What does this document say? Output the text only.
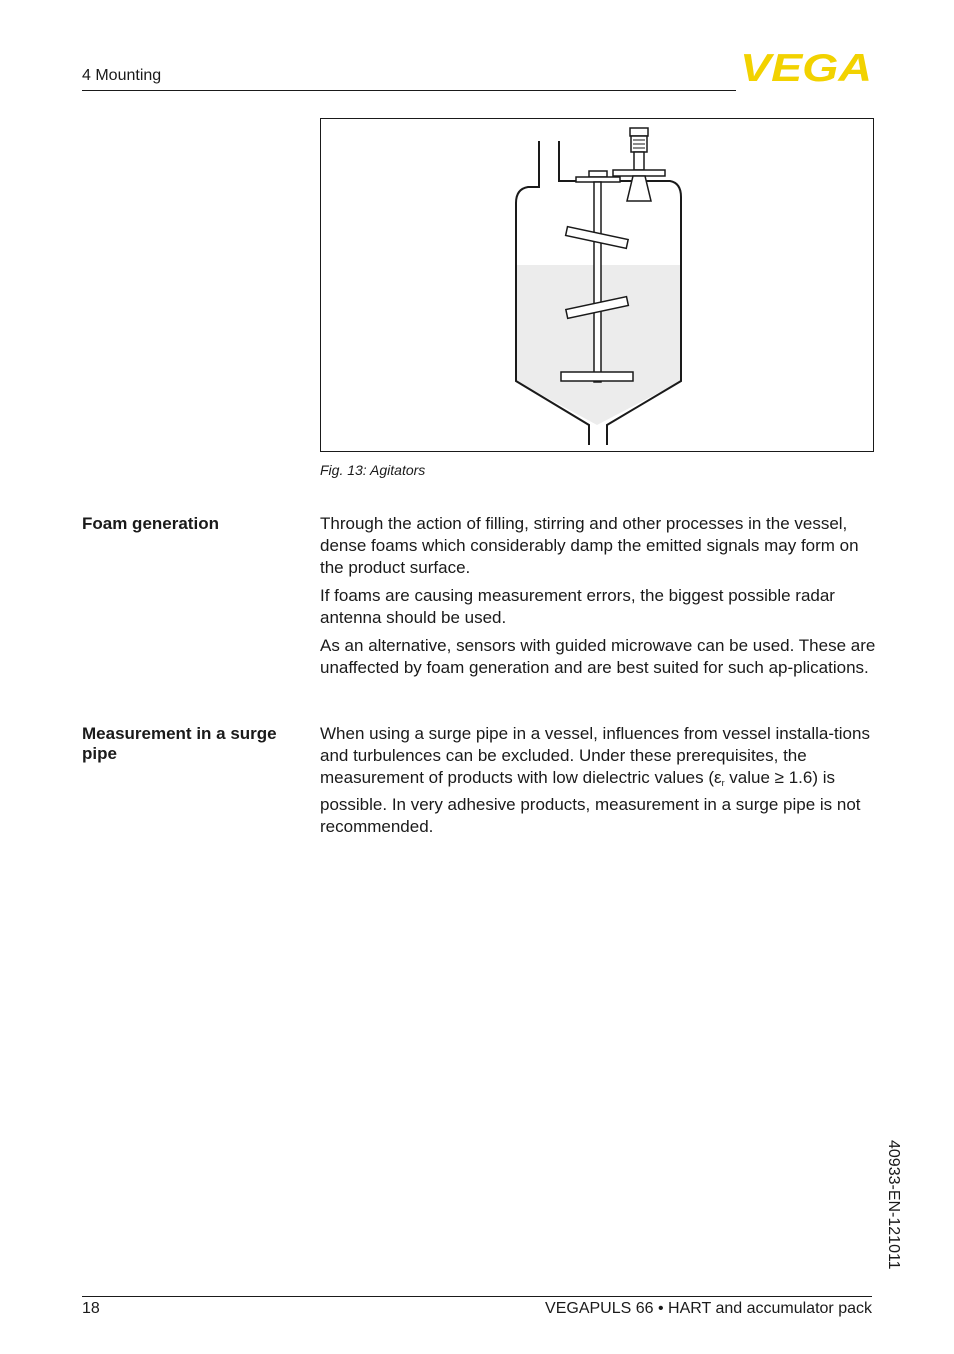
4 Mounting	VEGA
Fig. 13: Agitators
Foam generation	Through the action of filling, stirring and other processes in the vessel, dense foams which considerably damp the emitted signals may form on the product surface.
If foams are causing measurement errors, the biggest possible radar antenna should be used.
As an alternative, sensors with guided microwave can be used. These are unaffected by foam generation and are best suited for such ap-plications.
Measurement in a surge pipe
When using a surge pipe in a vessel, influences from vessel installa-tions and turbulences can be excluded. Under these prerequisites, the measurement of products with low dielectric values ($\varepsilon_r$ value ≥ 1.6) is possible. In very adhesive products, measurement in a surge pipe is not recommended.
40933-EN-121011
18	VEGAPULS 66 • HART and accumulator pack
